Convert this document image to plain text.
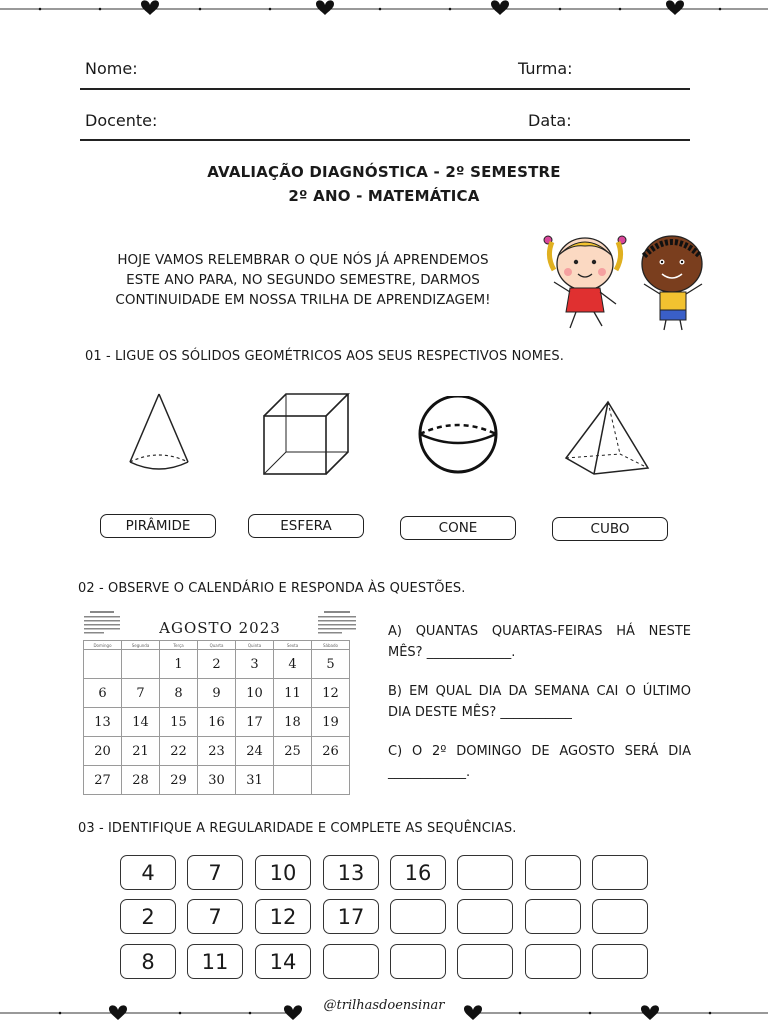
Nome:	Turma:
Docente:	Data:
AVALIAÇÃO DIAGNÓSTICA - 2º SEMESTRE
2º ANO - MATEMÁTICA
HOJE VAMOS RELEMBRAR O QUE NÓS JÁ APRENDEMOS
ESTE ANO PARA, NO SEGUNDO SEMESTRE, DARMOS
CONTINUIDADE EM NOSSA TRILHA DE APRENDIZAGEM!
01 - LIGUE OS SÓLIDOS GEOMÉTRICOS AOS SEUS RESPECTIVOS NOMES.
PIRÂMIDE	ESFERA	CONE	CUBO
02 - OBSERVE O CALENDÁRIO E RESPONDA ÀS QUESTÕES.
AGOSTO 2023
Domingo	Segunda	Terça	Quarta	Quinta	Sexta	Sábado
		1	2	3	4	5
6	7	8	9	10	11	12
13	14	15	16	17	18	19
20	21	22	23	24	25	26
27	28	29	30	31		
A) QUANTAS QUARTAS-FEIRAS HÁ NESTE MÊS? _____________.
B) EM QUAL DIA DA SEMANA CAI O ÚLTIMO DIA DESTE MÊS? ___________
C) O 2º DOMINGO DE AGOSTO SERÁ DIA ____________.
03 - IDENTIFIQUE A REGULARIDADE E COMPLETE AS SEQUÊNCIAS.
4	7	10	13	16
2	7	12	17
8	11	14
@trilhasdoensinar
